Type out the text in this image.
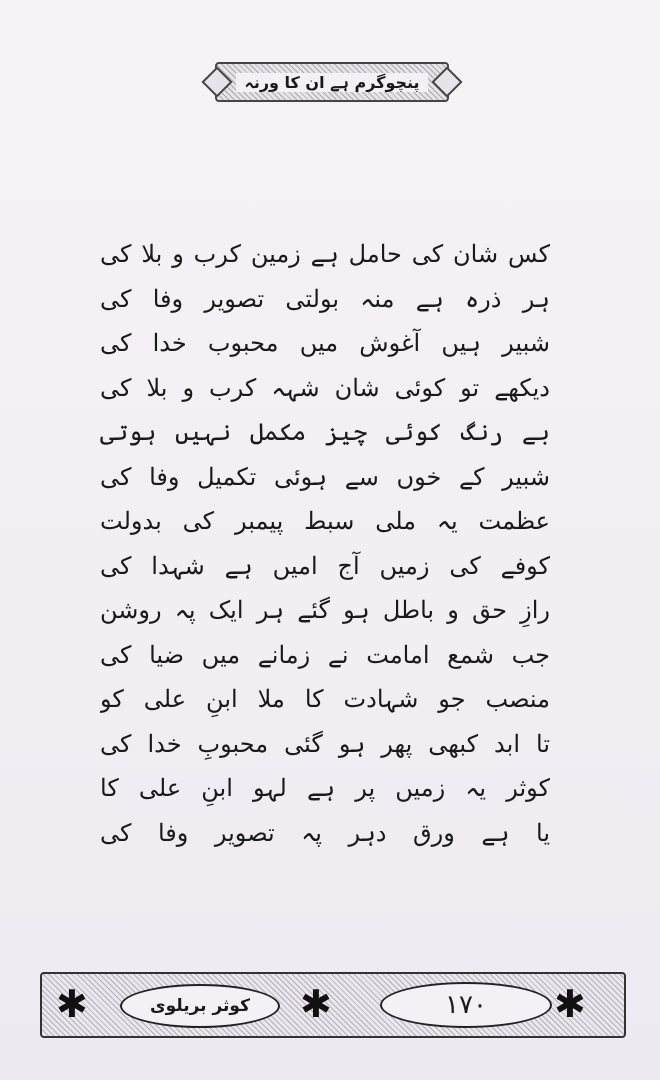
پنچوگرم ہے ان کا ورنہ
کس شان کی حامل ہے زمین کرب و بلا کی
ہر ذرہ ہے منہ بولتی تصویر وفا کی
شبیر ہیں آغوش میں محبوب خدا کی
دیکھے تو کوئی شان شہہ کرب و بلا کی
بے رنگ کوئی چیز مکمل نہیں ہوتی
شبیر کے خوں سے ہوئی تکمیل وفا کی
عظمت یہ ملی سبط پیمبر کی بدولت
کوفے کی زمیں آج امیں ہے شہدا کی
رازِ حق و باطل ہو گئے ہر ایک پہ روشن
جب شمع امامت نے زمانے میں ضیا کی
منصب جو شہادت کا ملا ابنِ علی کو
تا ابد کبھی پھر ہو گئی محبوبِ خدا کی
کوثر یہ زمیں پر ہے لہو ابنِ علی کا
یا ہے ورق دہر پہ تصویر وفا کی
✱	کوثر بریلوی ✱	۱۷۰ ✱
